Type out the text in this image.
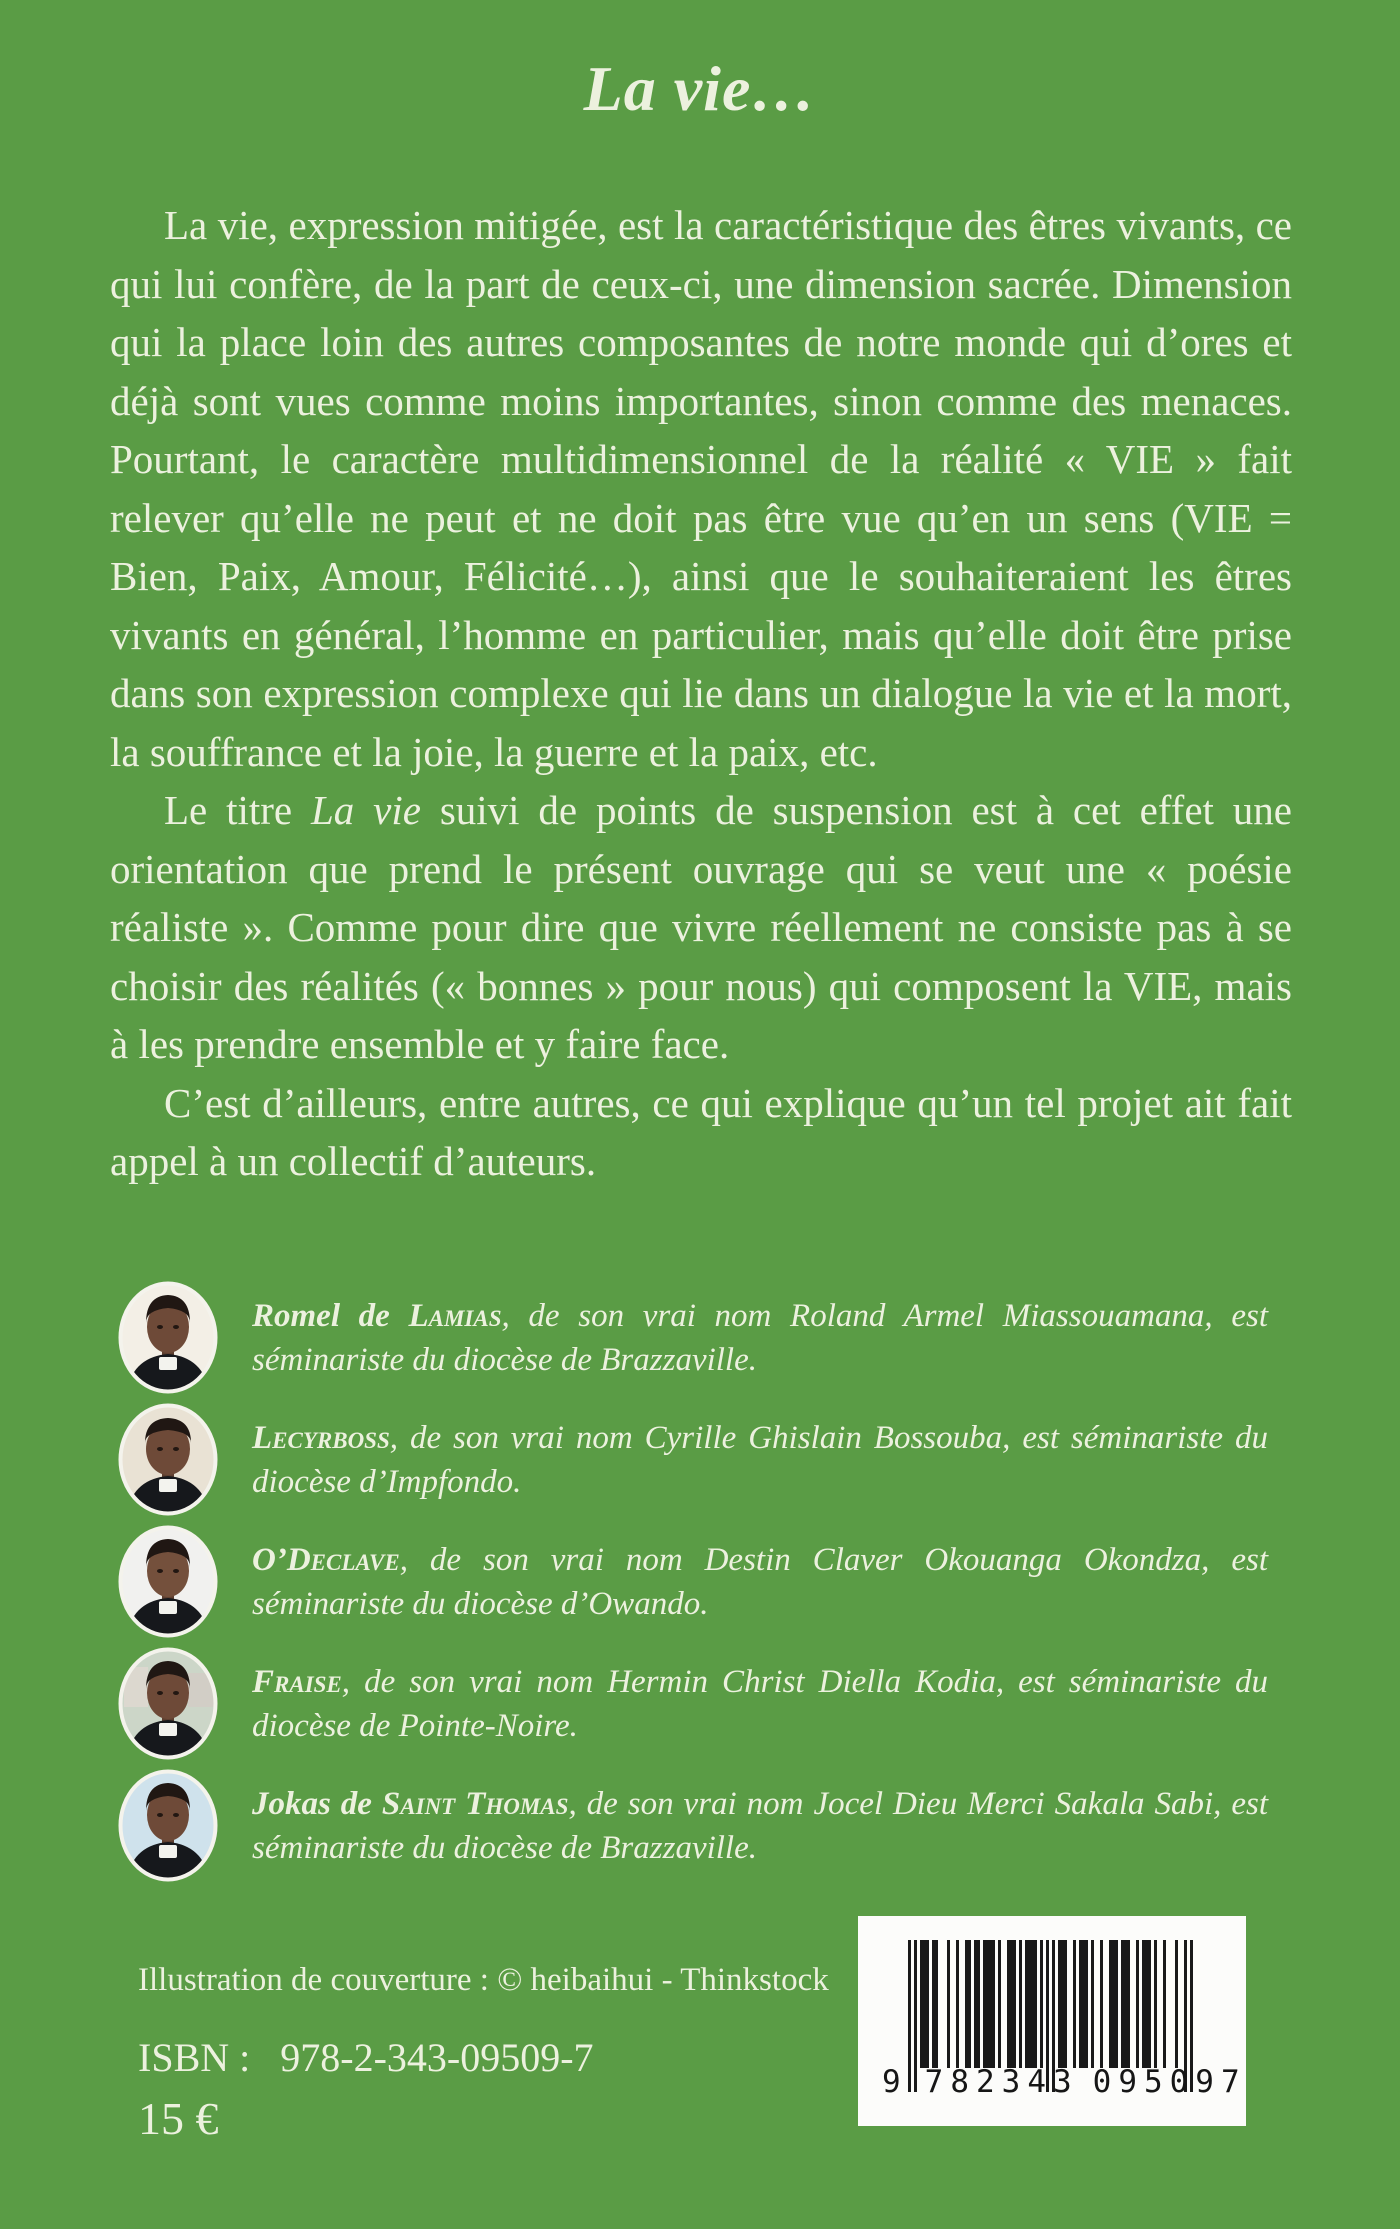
La vie…

La vie, expression mitigée, est la caractéristique des êtres vivants, ce qui lui confère, de la part de ceux-ci, une dimension sacrée. Dimension qui la place loin des autres composantes de notre monde qui d’ores et déjà sont vues comme moins importantes, sinon comme des menaces. Pourtant, le caractère multidimensionnel de la réalité « VIE » fait relever qu’elle ne peut et ne doit pas être vue qu’en un sens (VIE = Bien, Paix, Amour, Félicité…), ainsi que le souhaiteraient les êtres vivants en général, l’homme en particulier, mais qu’elle doit être prise dans son expression complexe qui lie dans un dialogue la vie et la mort, la souffrance et la joie, la guerre et la paix, etc.

Le titre La vie suivi de points de suspension est à cet effet une orientation que prend le présent ouvrage qui se veut une « poésie réaliste ». Comme pour dire que vivre réellement ne consiste pas à se choisir des réalités (« bonnes » pour nous) qui composent la VIE, mais à les prendre ensemble et y faire face.

C’est d’ailleurs, entre autres, ce qui explique qu’un tel projet ait fait appel à un collectif d’auteurs.

Romel de Lamias, de son vrai nom Roland Armel Miassouamana, est séminariste du diocèse de Brazzaville.

Lecyrboss, de son vrai nom Cyrille Ghislain Bossouba, est séminariste du diocèse d’Impfondo.

O’Declave, de son vrai nom Destin Claver Okouanga Okondza, est séminariste du diocèse d’Owando.

Fraise, de son vrai nom Hermin Christ Diella Kodia, est séminariste du diocèse de Pointe-Noire.

Jokas de Saint Thomas, de son vrai nom Jocel Dieu Merci Sakala Sabi, est séminariste du diocèse de Brazzaville.

Illustration de couverture : © heibaihui - Thinkstock
ISBN : 978-2-343-09509-7
15 €
9 782343 095097
